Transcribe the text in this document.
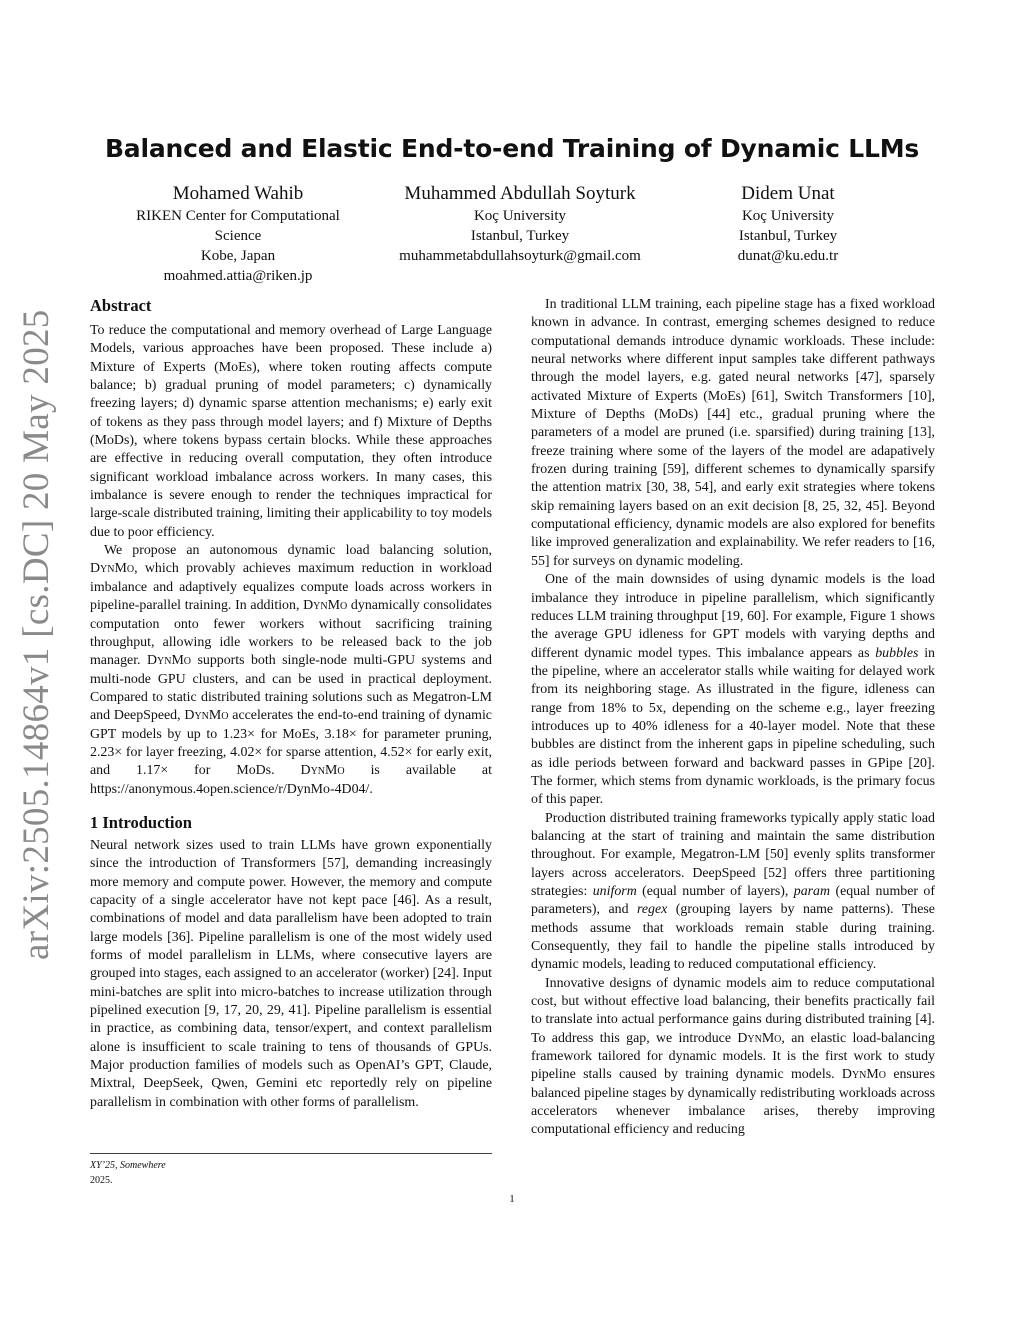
arXiv:2505.14864v1 [cs.DC] 20 May 2025
Balanced and Elastic End-to-end Training of Dynamic LLMs
Mohamed Wahib
RIKEN Center for Computational
Science
Kobe, Japan
moahmed.attia@riken.jp
Muhammed Abdullah Soyturk
Koç University
Istanbul, Turkey
muhammetabdullahsoyturk@gmail.com
Didem Unat
Koç University
Istanbul, Turkey
dunat@ku.edu.tr
Abstract

To reduce the computational and memory overhead of Large Language Models, various approaches have been proposed. These include a) Mixture of Experts (MoEs), where token routing affects compute balance; b) gradual pruning of model parameters; c) dynamically freezing layers; d) dynamic sparse attention mechanisms; e) early exit of tokens as they pass through model layers; and f) Mixture of Depths (MoDs), where tokens bypass certain blocks. While these approaches are effective in reducing overall computation, they often introduce significant workload imbalance across workers. In many cases, this imbalance is severe enough to render the techniques impractical for large-scale distributed training, limiting their applicability to toy models due to poor efficiency.

We propose an autonomous dynamic load balancing solution, DynMo, which provably achieves maximum reduction in workload imbalance and adaptively equalizes compute loads across workers in pipeline-parallel training. In addition, DynMo dynamically consolidates computation onto fewer workers without sacrificing training throughput, allowing idle workers to be released back to the job manager. DynMo supports both single-node multi-GPU systems and multi-node GPU clusters, and can be used in practical deployment. Compared to static distributed training solutions such as Megatron-LM and DeepSpeed, DynMo accelerates the end-to-end training of dynamic GPT models by up to 1.23× for MoEs, 3.18× for parameter pruning, 2.23× for layer freezing, 4.02× for sparse attention, 4.52× for early exit, and 1.17× for MoDs. DynMo is available at https://anonymous.4open.science/r/DynMo-4D04/.

1 Introduction

Neural network sizes used to train LLMs have grown exponentially since the introduction of Transformers [57], demanding increasingly more memory and compute power. However, the memory and compute capacity of a single accelerator have not kept pace [46]. As a result, combinations of model and data parallelism have been adopted to train large models [36]. Pipeline parallelism is one of the most widely used forms of model parallelism in LLMs, where consecutive layers are grouped into stages, each assigned to an accelerator (worker) [24]. Input mini-batches are split into micro-batches to increase utilization through pipelined execution [9, 17, 20, 29, 41]. Pipeline parallelism is essential in practice, as combining data, tensor/expert, and context parallelism alone is insufficient to scale training to tens of thousands of GPUs. Major production families of models such as OpenAI’s GPT, Claude, Mixtral, DeepSeek, Qwen, Gemini etc reportedly rely on pipeline parallelism in combination with other forms of parallelism.

In traditional LLM training, each pipeline stage has a fixed workload known in advance. In contrast, emerging schemes designed to reduce computational demands introduce dynamic workloads. These include: neural networks where different input samples take different pathways through the model layers, e.g. gated neural networks [47], sparsely activated Mixture of Experts (MoEs) [61], Switch Transformers [10], Mixture of Depths (MoDs) [44] etc., gradual pruning where the parameters of a model are pruned (i.e. sparsified) during training [13], freeze training where some of the layers of the model are adapatively frozen during training [59], different schemes to dynamically sparsify the attention matrix [30, 38, 54], and early exit strategies where tokens skip remaining layers based on an exit decision [8, 25, 32, 45]. Beyond computational efficiency, dynamic models are also explored for benefits like improved generalization and explainability. We refer readers to [16, 55] for surveys on dynamic modeling.

One of the main downsides of using dynamic models is the load imbalance they introduce in pipeline parallelism, which significantly reduces LLM training throughput [19, 60]. For example, Figure 1 shows the average GPU idleness for GPT models with varying depths and different dynamic model types. This imbalance appears as bubbles in the pipeline, where an accelerator stalls while waiting for delayed work from its neighboring stage. As illustrated in the figure, idleness can range from 18% to 5x, depending on the scheme e.g., layer freezing introduces up to 40% idleness for a 40-layer model. Note that these bubbles are distinct from the inherent gaps in pipeline scheduling, such as idle periods between forward and backward passes in GPipe [20]. The former, which stems from dynamic workloads, is the primary focus of this paper.

Production distributed training frameworks typically apply static load balancing at the start of training and maintain the same distribution throughout. For example, Megatron-LM [50] evenly splits transformer layers across accelerators. DeepSpeed [52] offers three partitioning strategies: uniform (equal number of layers), param (equal number of parameters), and regex (grouping layers by name patterns). These methods assume that workloads remain stable during training. Consequently, they fail to handle the pipeline stalls introduced by dynamic models, leading to reduced computational efficiency.

Innovative designs of dynamic models aim to reduce computational cost, but without effective load balancing, their benefits practically fail to translate into actual performance gains during distributed training [4]. To address this gap, we introduce DynMo, an elastic load-balancing framework tailored for dynamic models. It is the first work to study pipeline stalls caused by training dynamic models. DynMo ensures balanced pipeline stages by dynamically redistributing workloads across accelerators whenever imbalance arises, thereby improving computational efficiency and reducing

XY’25, Somewhere
2025.
1
